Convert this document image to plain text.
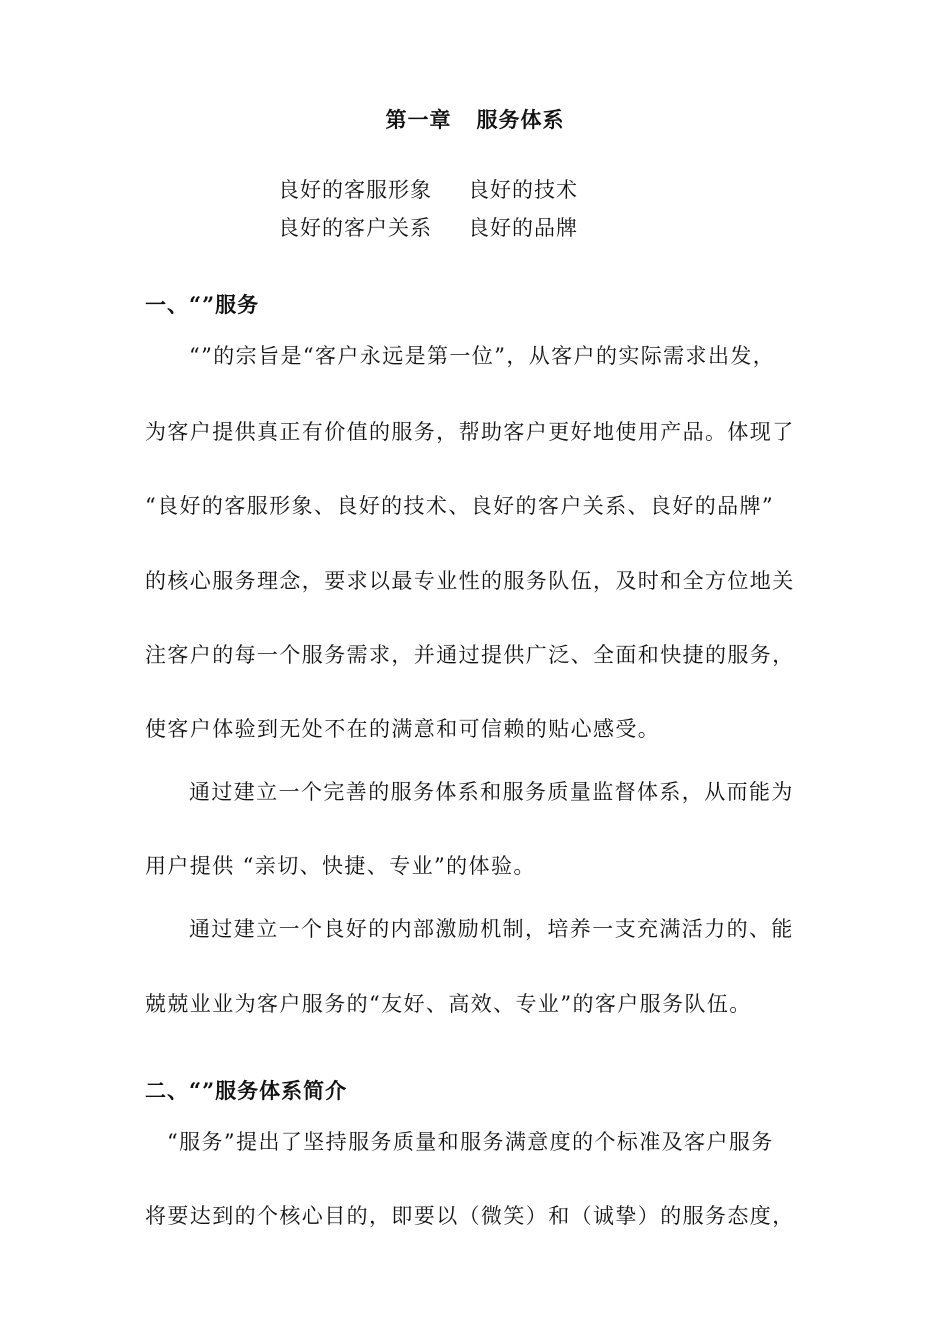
第一章   服务体系
良好的客服形象 良好的技术
良好的客户关系 良好的品牌
一、“”服务
“”的宗旨是“客户永远是第一位”，从客户的实际需求出发，
为客户提供真正有价值的服务，帮助客户更好地使用产品。体现了
“良好的客服形象、良好的技术、良好的客户关系、良好的品牌”
的核心服务理念，要求以最专业性的服务队伍，及时和全方位地关
注客户的每一个服务需求，并通过提供广泛、全面和快捷的服务，
使客户体验到无处不在的满意和可信赖的贴心感受。
通过建立一个完善的服务体系和服务质量监督体系，从而能为
用户提供 “亲切、快捷、专业”的体验。
通过建立一个良好的内部激励机制，培养一支充满活力的、能
兢兢业业为客户服务的“友好、高效、专业”的客户服务队伍。
二、“”服务体系简介
“服务”提出了坚持服务质量和服务满意度的个标准及客户服务
将要达到的个核心目的，即要以（微笑）和（诚挚）的服务态度，
